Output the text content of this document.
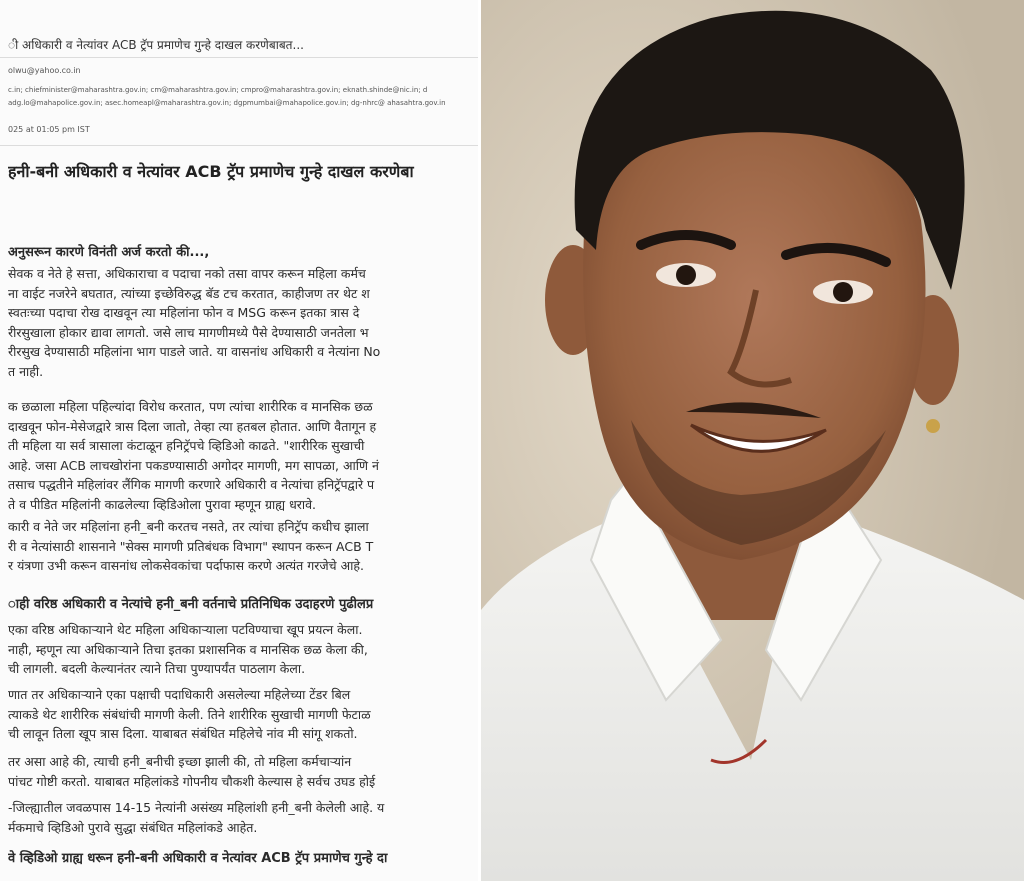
ी अधिकारी व नेत्यांवर ACB ट्रॅप प्रमाणेच गुन्हे दाखल करणेबाबत...
olwu@yahoo.co.in
c.in; chiefminister@maharashtra.gov.in; cm@maharashtra.gov.in; cmpro@maharashtra.gov.in; eknath.shinde@nic.in; d adg.lo@mahapolice.gov.in; asec.homeapl@maharashtra.gov.in; dgpmumbai@mahapolice.gov.in; dg-nhrc@ ahasahtra.gov.in
025 at 01:05 pm IST
हनी-बनी अधिकारी व नेत्यांवर ACB ट्रॅप प्रमाणेच गुन्हे दाखल करणेबा
अनुसरून कारणे विनंती अर्ज करतो की...,
सेवक व नेते हे सत्ता, अधिकाराचा व पदाचा नको तसा वापर करून महिला कर्मच
ना वाईट नजरेने बघतात, त्यांच्या इच्छेविरुद्ध बॅड टच करतात, काहीजण तर थेट श
स्वतःच्या पदाचा रोख दाखवून त्या महिलांना फोन व MSG करून इतका त्रास दे
रीरसुखाला होकार द्यावा लागतो. जसे लाच मागणीमध्ये पैसे देण्यासाठी जनतेला भ
रीरसुख देण्यासाठी महिलांना भाग पाडले जाते. या वासनांध अधिकारी व नेत्यांना No
त नाही.
क छळाला महिला पहिल्यांदा विरोध करतात, पण त्यांचा शारीरिक व मानसिक छळ
दाखवून फोन-मेसेजद्वारे त्रास दिला जातो, तेव्हा त्या हतबल होतात. आणि वैतागून ह
ती महिला या सर्व त्रासाला कंटाळून हनिट्रॅपचे व्हिडिओ काढते. "शारीरिक सुखाची
आहे. जसा ACB लाचखोरांना पकडण्यासाठी अगोदर मागणी, मग सापळा, आणि नं
तसाच पद्धतीने महिलांवर लैंगिक मागणी करणारे अधिकारी व नेत्यांचा हनिट्रॅपद्वारे प
ते व पीडित महिलांनी काढलेल्या व्हिडिओला पुरावा म्हणून ग्राह्य धरावे.
कारी व नेते जर महिलांना हनी_बनी करतच नसते, तर त्यांचा हनिट्रॅप कधीच झाला
री व नेत्यांसाठी शासनाने "सेक्स मागणी प्रतिबंधक विभाग" स्थापन करून ACB T
र यंत्रणा उभी करून वासनांध लोकसेवकांचा पर्दाफास करणे अत्यंत गरजेचे आहे.
ाही वरिष्ठ अधिकारी व नेत्यांचे हनी_बनी वर्तनाचे प्रतिनिधिक उदाहरणे पुढीलप्र
एका वरिष्ठ अधिकाऱ्याने थेट महिला अधिकाऱ्याला पटविण्याचा खूप प्रयत्न केला.
नाही, म्हणून त्या अधिकाऱ्याने तिचा इतका प्रशासनिक व मानसिक छळ केला की,
ची लागली. बदली केल्यानंतर त्याने तिचा पुण्यापर्यंत पाठलाग केला.
णात तर अधिकाऱ्याने एका पक्षाची पदाधिकारी असलेल्या महिलेच्या टेंडर बिल
त्याकडे थेट शारीरिक संबंधांची मागणी केली. तिने शारीरिक सुखाची मागणी फेटाळ
ची लावून तिला खूप त्रास दिला. याबाबत संबंधित महिलेचे नांव मी सांगू शकतो.
तर असा आहे की, त्याची हनी_बनीची इच्छा झाली की, तो महिला कर्मचाऱ्यांन
पांचट गोष्टी करतो. याबाबत महिलांकडे गोपनीय चौकशी केल्यास हे सर्वच उघड होई
-जिल्ह्यातील जवळपास 14-15 नेत्यांनी असंख्य महिलांशी हनी_बनी केलेली आहे. य
र्मकमाचे व्हिडिओ पुरावे सुद्धा संबंधित महिलांकडे आहेत.
वे व्हिडिओ ग्राह्य धरून हनी-बनी अधिकारी व नेत्यांवर ACB ट्रॅप प्रमाणेच गुन्हे दा
